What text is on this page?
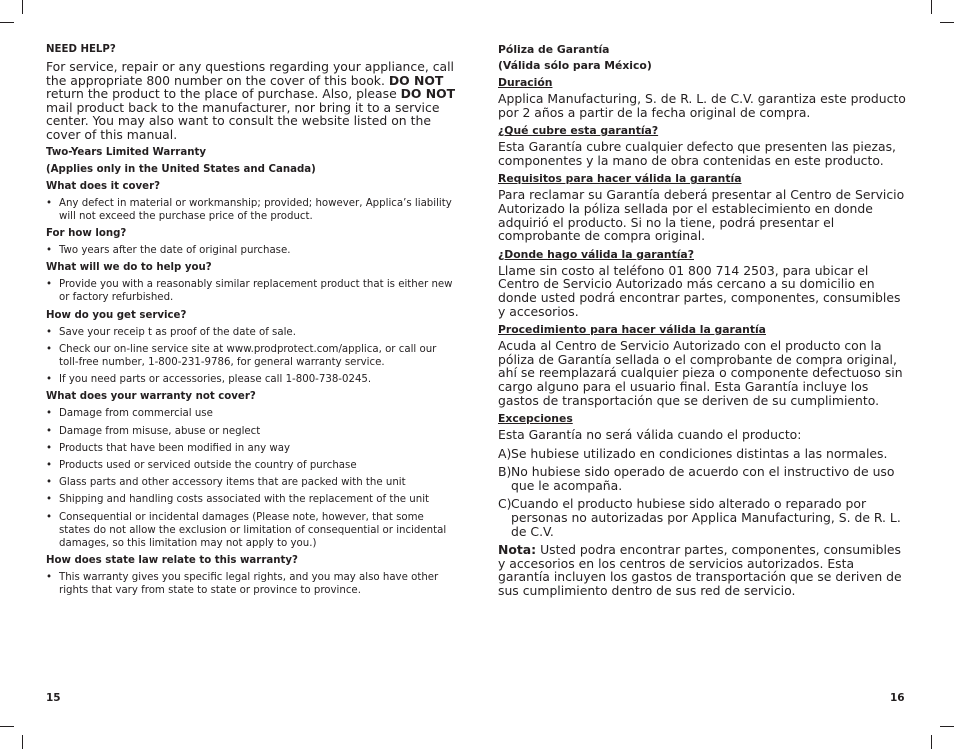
NEED HELP?
For service, repair or any questions regarding your appliance, call the appropriate 800 number on the cover of this book. DO NOT return the product to the place of purchase. Also, please DO NOT mail product back to the manufacturer, nor bring it to a service center. You may also want to consult the website listed on the cover of this manual.
Two-Years Limited Warranty
(Applies only in the United States and Canada)
What does it cover?
• Any defect in material or workmanship; provided; however, Applica’s liability will not exceed the purchase price of the product.
For how long?
• Two years after the date of original purchase.
What will we do to help you?
• Provide you with a reasonably similar replacement product that is either new or factory refurbished.
How do you get service?
• Save your receip t as proof of the date of sale.
• Check our on-line service site at www.prodprotect.com/applica, or call our toll-free number, 1-800-231-9786, for general warranty service.
• If you need parts or accessories, please call 1-800-738-0245.
What does your warranty not cover?
• Damage from commercial use
• Damage from misuse, abuse or neglect
• Products that have been modified in any way
• Products used or serviced outside the country of purchase
• Glass parts and other accessory items that are packed with the unit
• Shipping and handling costs associated with the replacement of the unit
• Consequential or incidental damages (Please note, however, that some states do not allow the exclusion or limitation of consequential or incidental damages, so this limitation may not apply to you.)
How does state law relate to this warranty?
• This warranty gives you specific legal rights, and you may also have other rights that vary from state to state or province to province.
15
Póliza de Garantía
(Válida sólo para México)
Duración
Applica Manufacturing, S. de R. L. de C.V. garantiza este producto por 2 años a partir de la fecha original de compra.
¿Qué cubre esta garantía?
Esta Garantía cubre cualquier defecto que presenten las piezas, componentes y la mano de obra contenidas en este producto.
Requisitos para hacer válida la garantía
Para reclamar su Garantía deberá presentar al Centro de Servicio Autorizado la póliza sellada por el establecimiento en donde adquirió el producto. Si no la tiene, podrá presentar el comprobante de compra original.
¿Donde hago válida la garantía?
Llame sin costo al teléfono 01 800 714 2503, para ubicar el Centro de Servicio Autorizado más cercano a su domicilio en donde usted podrá encontrar partes, componentes, consumibles y accesorios.
Procedimiento para hacer válida la garantía
Acuda al Centro de Servicio Autorizado con el producto con la póliza de Garantía sellada o el comprobante de compra original, ahí se reemplazará cualquier pieza o componente defectuoso sin cargo alguno para el usuario final. Esta Garantía incluye los gastos de transportación que se deriven de su cumplimiento.
Excepciones
Esta Garantía no será válida cuando el producto:
A) Se hubiese utilizado en condiciones distintas a las normales.
B) No hubiese sido operado de acuerdo con el instructivo de uso que le acompaña.
C) Cuando el producto hubiese sido alterado o reparado por personas no autorizadas por Applica Manufacturing, S. de R. L. de C.V.
Nota: Usted podra encontrar partes, componentes, consumibles y accesorios en los centros de servicios autorizados. Esta garantía incluyen los gastos de transportación que se deriven de sus cumplimiento dentro de sus red de servicio.
16
